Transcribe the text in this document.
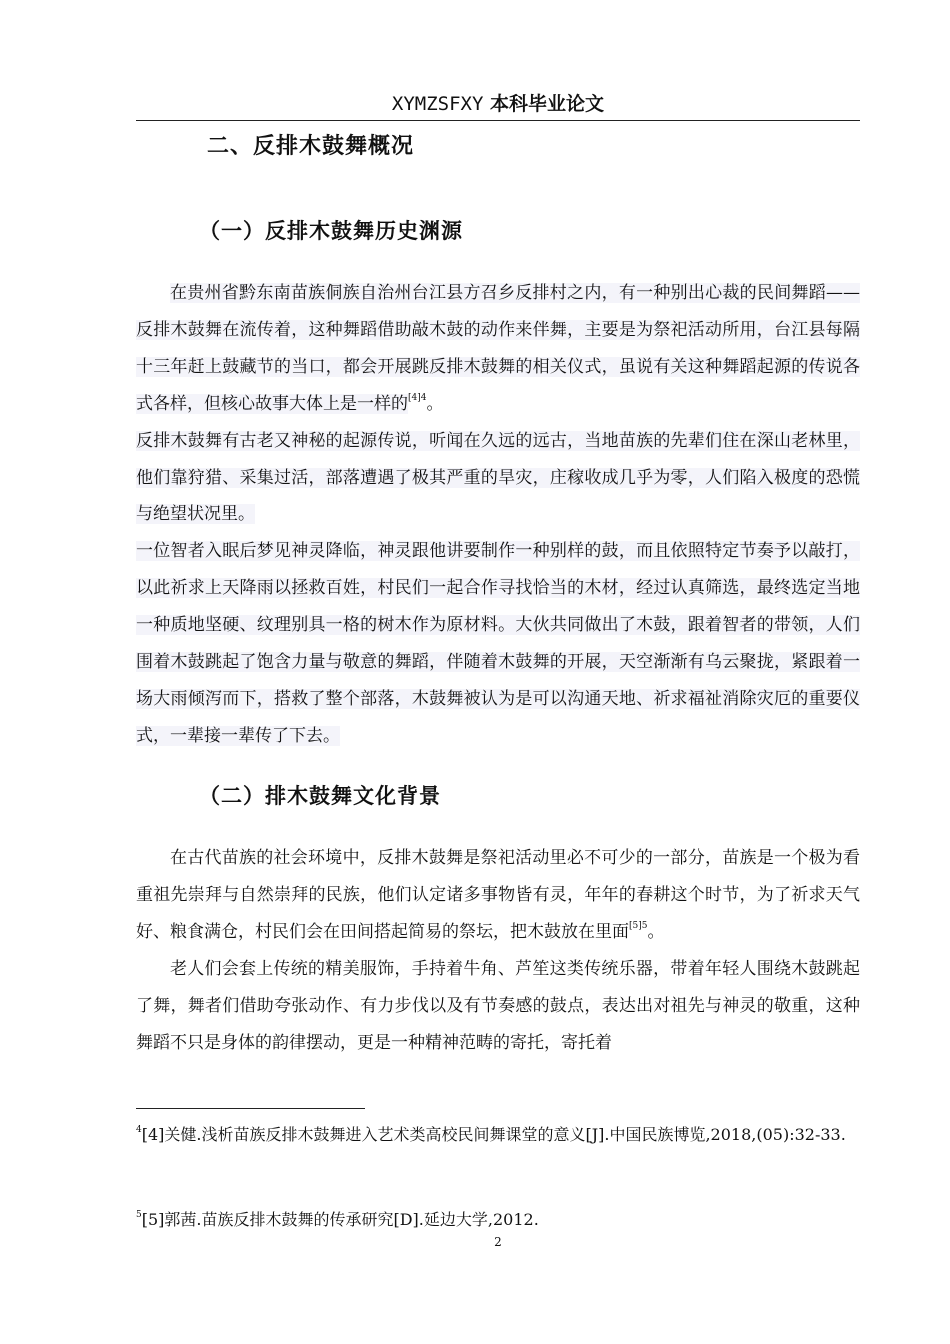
XYMZSFXY 本科毕业论文
二、反排木鼓舞概况
（一）反排木鼓舞历史渊源

在贵州省黔东南苗族侗族自治州台江县方召乡反排村之内，有一种别出心裁的民间舞蹈——反排木鼓舞在流传着，这种舞蹈借助敲木鼓的动作来伴舞，主要是为祭祀活动所用，台江县每隔十三年赶上鼓藏节的当口，都会开展跳反排木鼓舞的相关仪式，虽说有关这种舞蹈起源的传说各式各样，但核心故事大体上是一样的$^{[4]4}$。

反排木鼓舞有古老又神秘的起源传说，听闻在久远的远古，当地苗族的先辈们住在深山老林里，他们靠狩猎、采集过活，部落遭遇了极其严重的旱灾，庄稼收成几乎为零，人们陷入极度的恐慌与绝望状况里。

一位智者入眠后梦见神灵降临，神灵跟他讲要制作一种别样的鼓，而且依照特定节奏予以敲打，以此祈求上天降雨以拯救百姓，村民们一起合作寻找恰当的木材，经过认真筛选，最终选定当地一种质地坚硬、纹理别具一格的树木作为原材料。大伙共同做出了木鼓，跟着智者的带领，人们围着木鼓跳起了饱含力量与敬意的舞蹈，伴随着木鼓舞的开展，天空渐渐有乌云聚拢，紧跟着一场大雨倾泻而下，搭救了整个部落，木鼓舞被认为是可以沟通天地、祈求福祉消除灾厄的重要仪式，一辈接一辈传了下去。

（二）排木鼓舞文化背景

在古代苗族的社会环境中，反排木鼓舞是祭祀活动里必不可少的一部分，苗族是一个极为看重祖先崇拜与自然崇拜的民族，他们认定诸多事物皆有灵，年年的春耕这个时节，为了祈求天气好、粮食满仓，村民们会在田间搭起简易的祭坛，把木鼓放在里面$^{[5]5}$。

老人们会套上传统的精美服饰，手持着牛角、芦笙这类传统乐器，带着年轻人围绕木鼓跳起了舞，舞者们借助夸张动作、有力步伐以及有节奏感的鼓点，表达出对祖先与神灵的敬重，这种舞蹈不只是身体的韵律摆动，更是一种精神范畴的寄托，寄托着

$^4$[4]关健.浅析苗族反排木鼓舞进入艺术类高校民间舞课堂的意义[J].中国民族博览,2018,(05):32-33.
$^5$[5]郭茜.苗族反排木鼓舞的传承研究[D].延边大学,2012.
2
